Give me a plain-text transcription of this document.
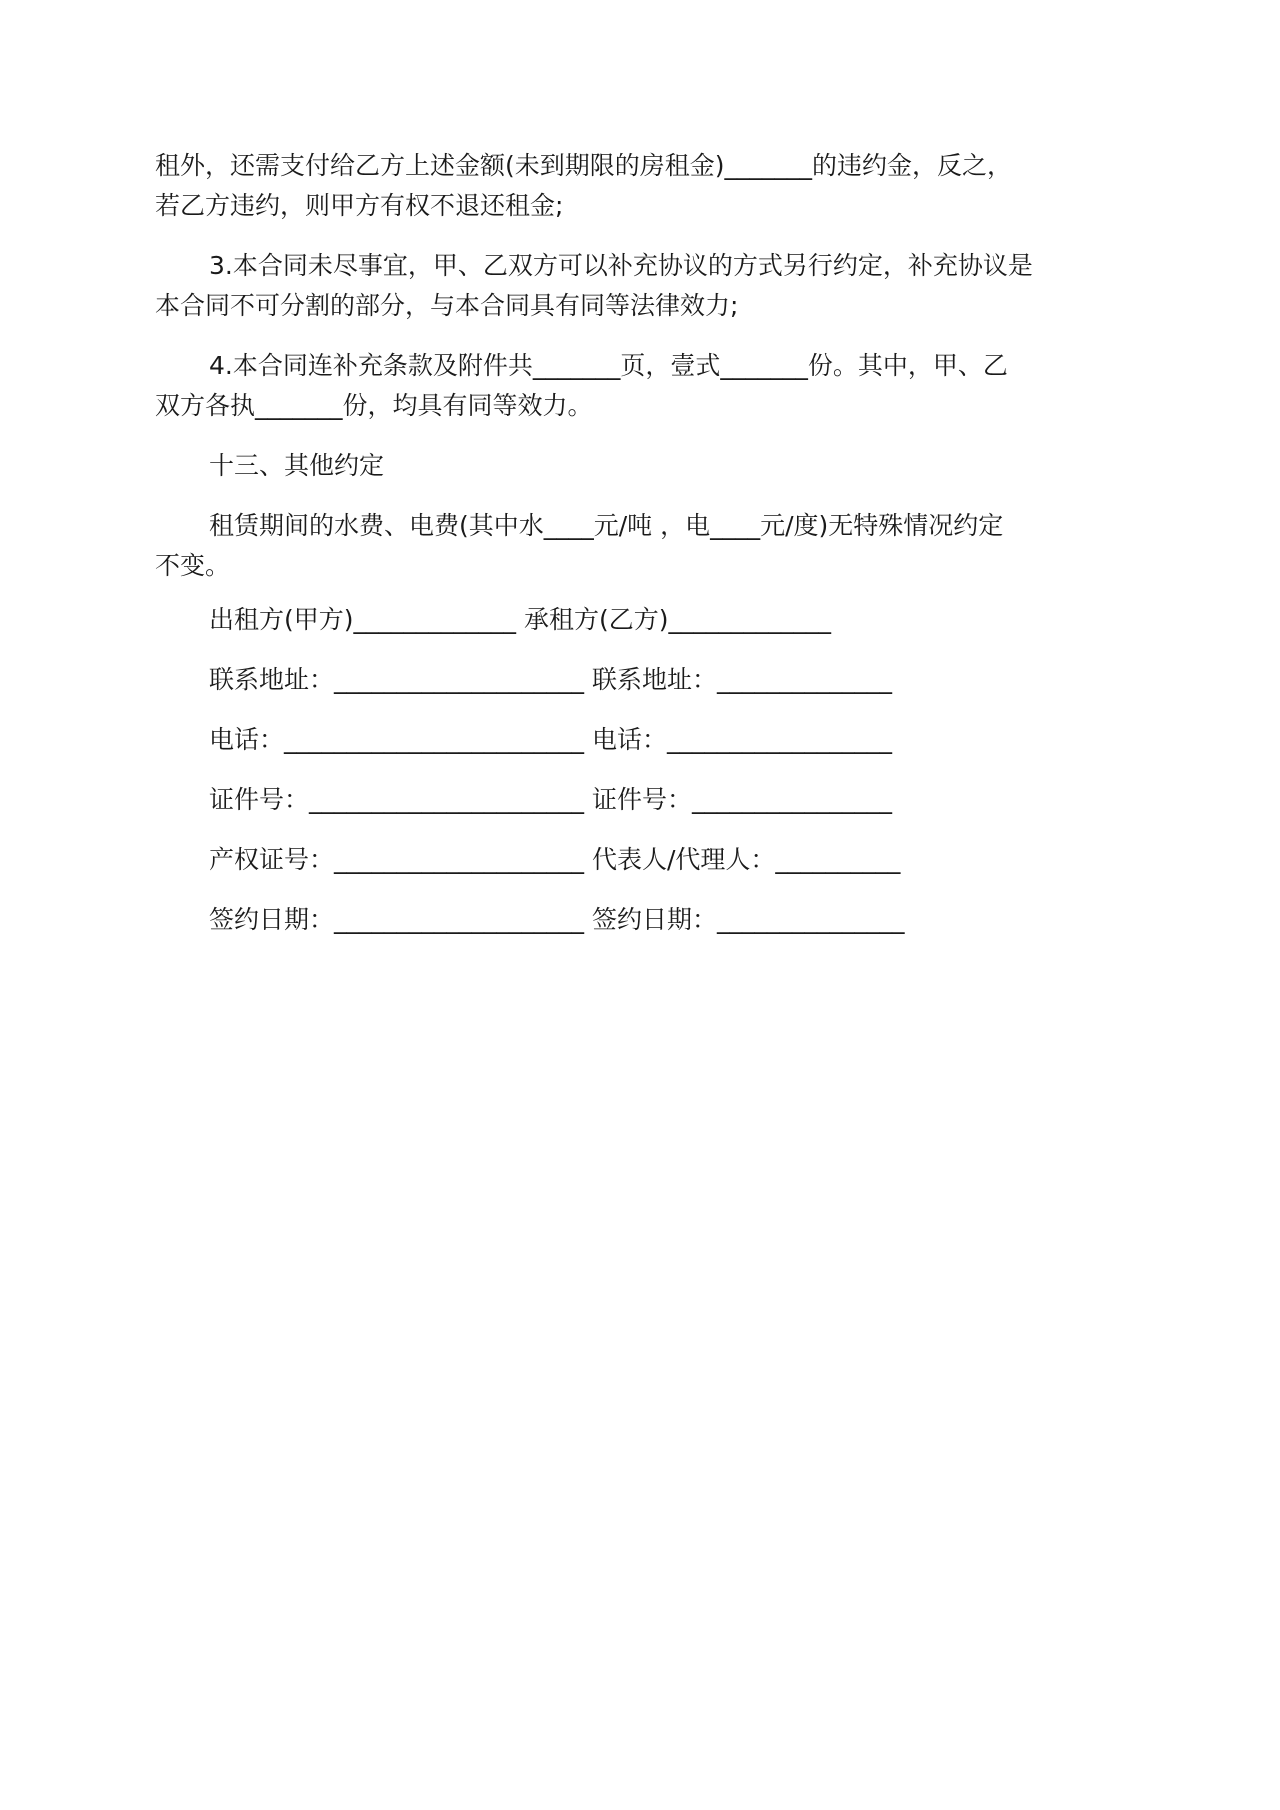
租外，还需支付给乙方上述金额(未到期限的房租金)_______的违约金，反之，
若乙方违约，则甲方有权不退还租金;
3.本合同未尽事宜，甲、乙双方可以补充协议的方式另行约定，补充协议是
本合同不可分割的部分，与本合同具有同等法律效力;
4.本合同连补充条款及附件共_______页，壹式_______份。其中，甲、乙
双方各执_______份，均具有同等效力。
十三、其他约定
租赁期间的水费、电费(其中水____元/吨 ，电____元/度)无特殊情况约定
不变。
出租方(甲方)_____________ 承租方(乙方)_____________
联系地址：____________________ 联系地址：______________
电话：________________________ 电话：__________________
证件号：______________________ 证件号：________________
产权证号：____________________ 代表人/代理人：__________
签约日期：____________________ 签约日期：_______________
